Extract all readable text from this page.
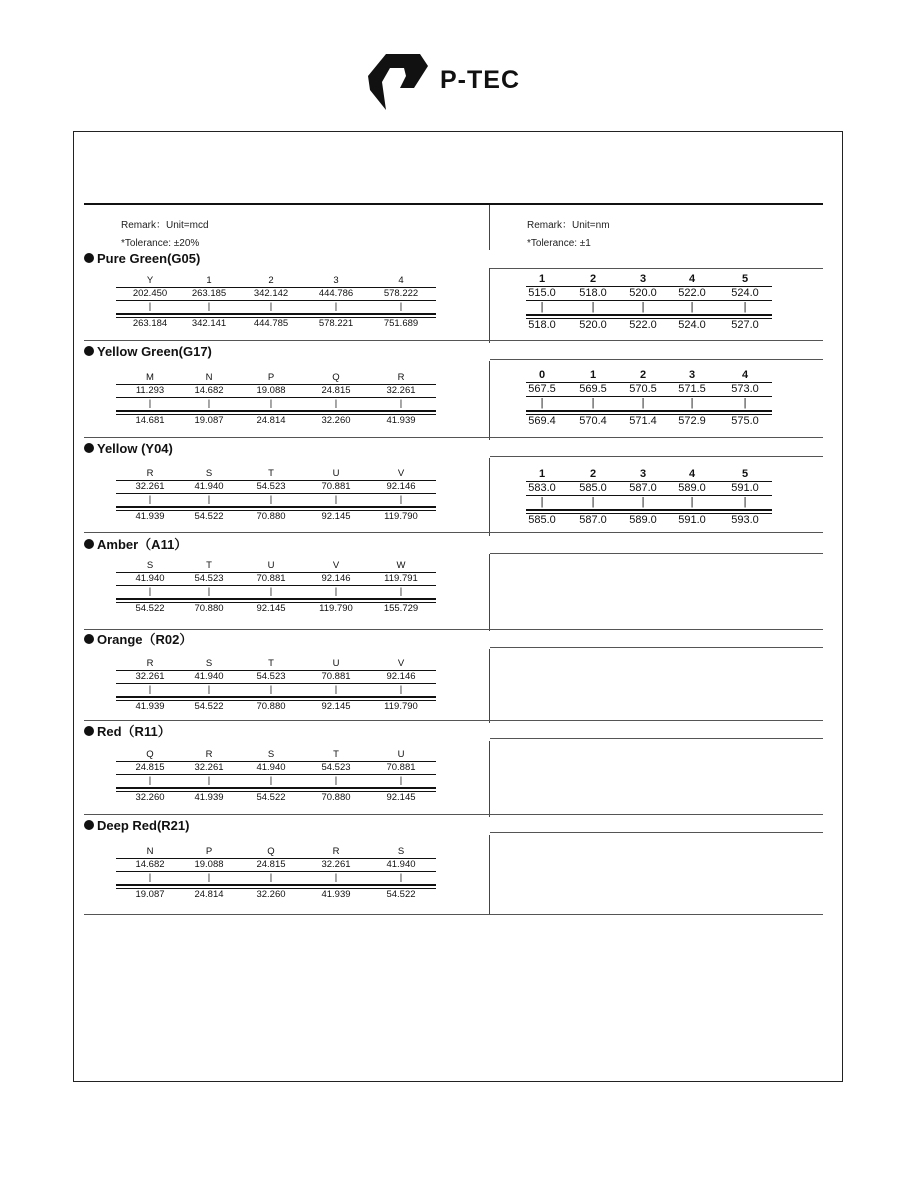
P-TEC
Remark：Unit=mcd
*Tolerance: ±20%
Remark：Unit=nm
*Tolerance: ±1
Pure Green(G05)
Y	1	2	3	4
202.450	263.185	342.142	444.786	578.222
|	|	|	|	|
263.184	342.141	444.785	578.221	751.689
1	2	3	4	5
515.0 518.0 520.0 522.0 524.0
|	|	|	|	|
518.0 520.0 522.0 524.0 527.0
Yellow Green(G17)
M	N	P	Q	R
11.293	14.682	19.088	24.815	32.261
|	|	|	|	|
14.681	19.087	24.814	32.260	41.939
0	1	2	3	4
567.5 569.5 570.5 571.5 573.0
|	|	|	|	|
569.4 570.4 571.4 572.9 575.0
Yellow (Y04)
R	S	T	U	V
32.261	41.940	54.523	70.881	92.146
|	|	|	|	|
41.939	54.522	70.880	92.145	119.790
1	2	3	4	5
583.0 585.0 587.0 589.0 591.0
|	|	|	|	|
585.0 587.0 589.0 591.0 593.0
Amber（A11）
S	T	U	V	W
41.940	54.523	70.881	92.146	119.791
|	|	|	|	|
54.522	70.880	92.145	119.790	155.729
Orange（R02）
R	S	T	U	V
32.261	41.940	54.523	70.881	92.146
|	|	|	|	|
41.939	54.522	70.880	92.145	119.790
Red（R11）
Q	R	S	T	U
24.815	32.261	41.940	54.523	70.881
|	|	|	|	|
32.260	41.939	54.522	70.880	92.145
Deep Red(R21)
N	P	Q	R	S
14.682	19.088	24.815	32.261	41.940
|	|	|	|	|
19.087	24.814	32.260	41.939	54.522
